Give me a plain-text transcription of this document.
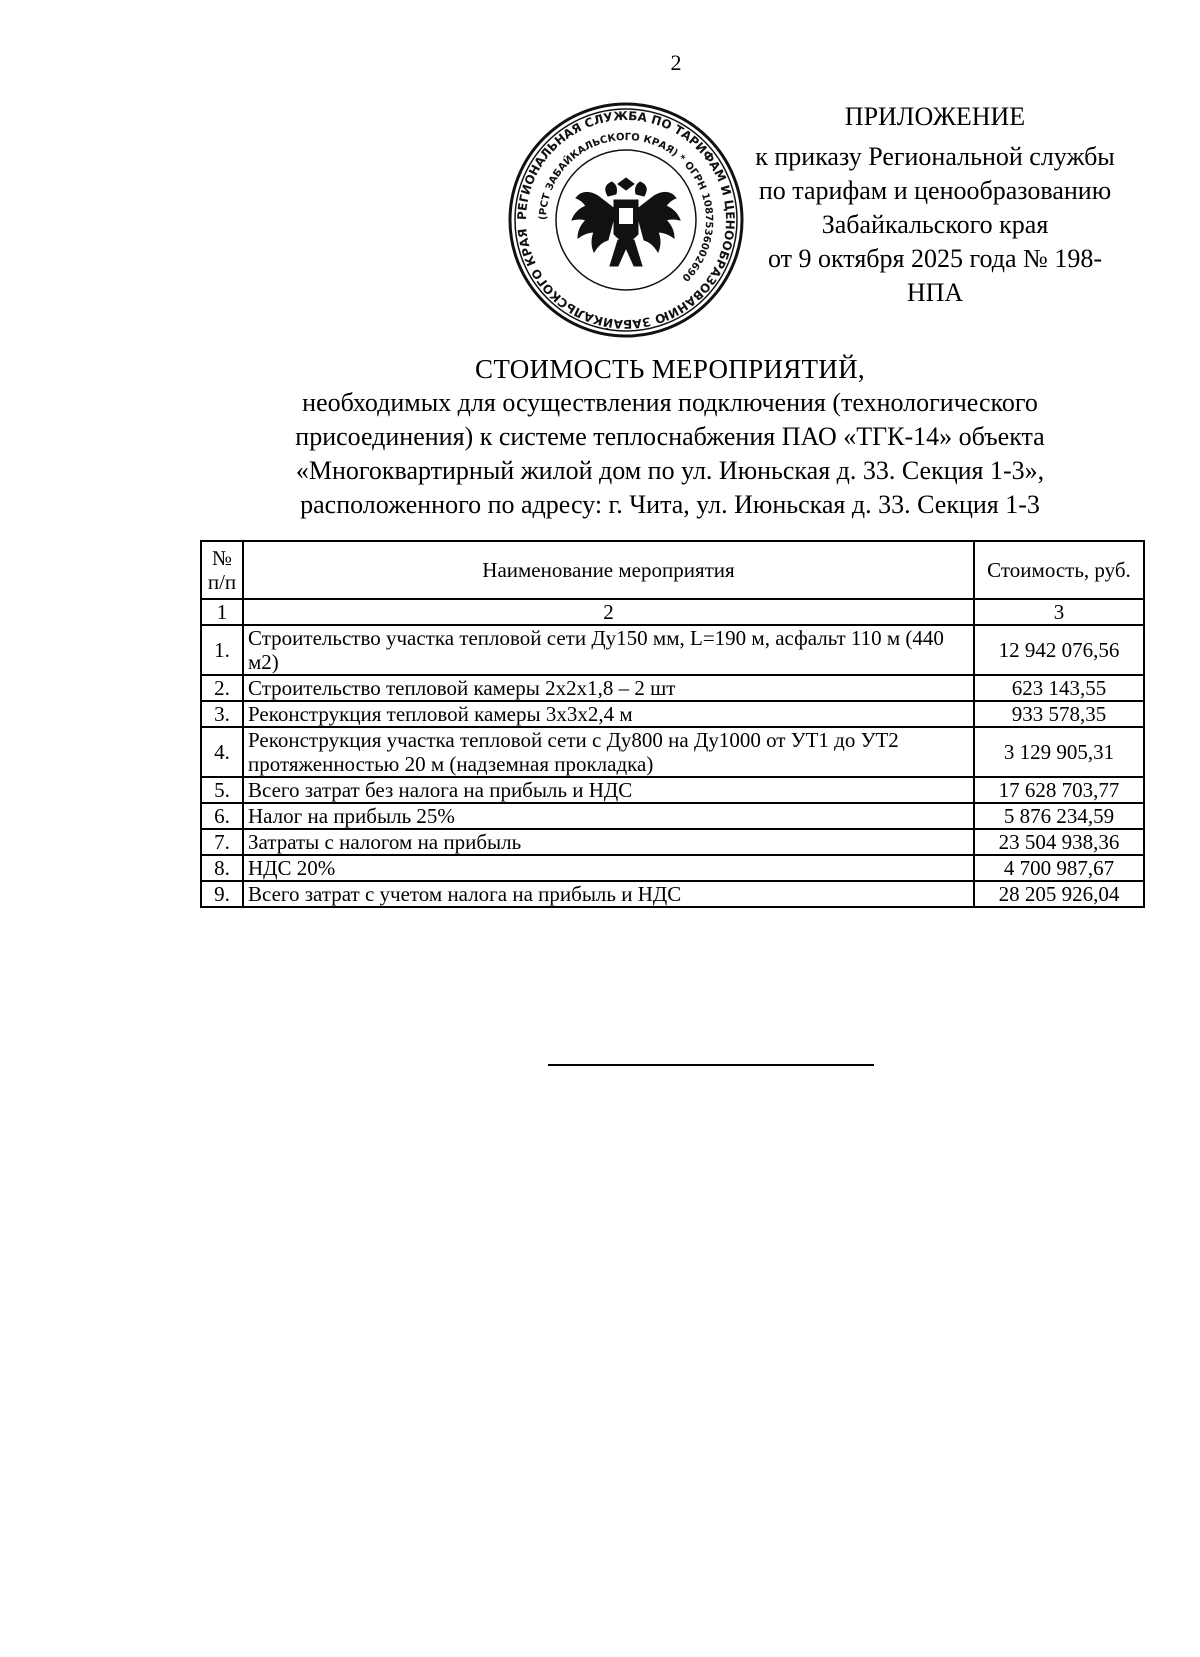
2
ПРИЛОЖЕНИЕ
к приказу Региональной службы
по тарифам и ценообразованию
Забайкальского края
от 9 октября 2025 года № 198-НПА
РЕГИОНАЛЬНАЯ СЛУЖБА ПО ТАРИФАМ И ЦЕНООБРАЗОВАНИЮ ЗАБАЙКАЛЬСКОГО КРАЯ
(РСТ ЗАБАЙКАЛЬСКОГО КРАЯ) * ОГРН 1087536002690
СТОИМОСТЬ МЕРОПРИЯТИЙ,
необходимых для осуществления подключения (технологического
присоединения) к системе теплоснабжения ПАО «ТГК-14» объекта
«Многоквартирный жилой дом по ул. Июньская д. 33. Секция 1-3»,
расположенного по адресу: г. Чита, ул. Июньская д. 33. Секция 1-3
№ п/п	Наименование мероприятия	Стоимость, руб.
1	2	3
1.	Строительство участка тепловой сети Ду150 мм, L=190 м, асфальт 110 м (440 м2)	12 942 076,56
2.	Строительство тепловой камеры 2х2х1,8 – 2 шт	623 143,55
3.	Реконструкция тепловой камеры 3х3х2,4 м	933 578,35
4.	Реконструкция участка тепловой сети с Ду800 на Ду1000 от УТ1 до УТ2 протяженностью 20 м (надземная прокладка)	3 129 905,31
5.	Всего затрат без налога на прибыль и НДС	17 628 703,77
6.	Налог на прибыль 25%	5 876 234,59
7.	Затраты с налогом на прибыль	23 504 938,36
8.	НДС 20%	4 700 987,67
9.	Всего затрат с учетом налога на прибыль и НДС	28 205 926,04
